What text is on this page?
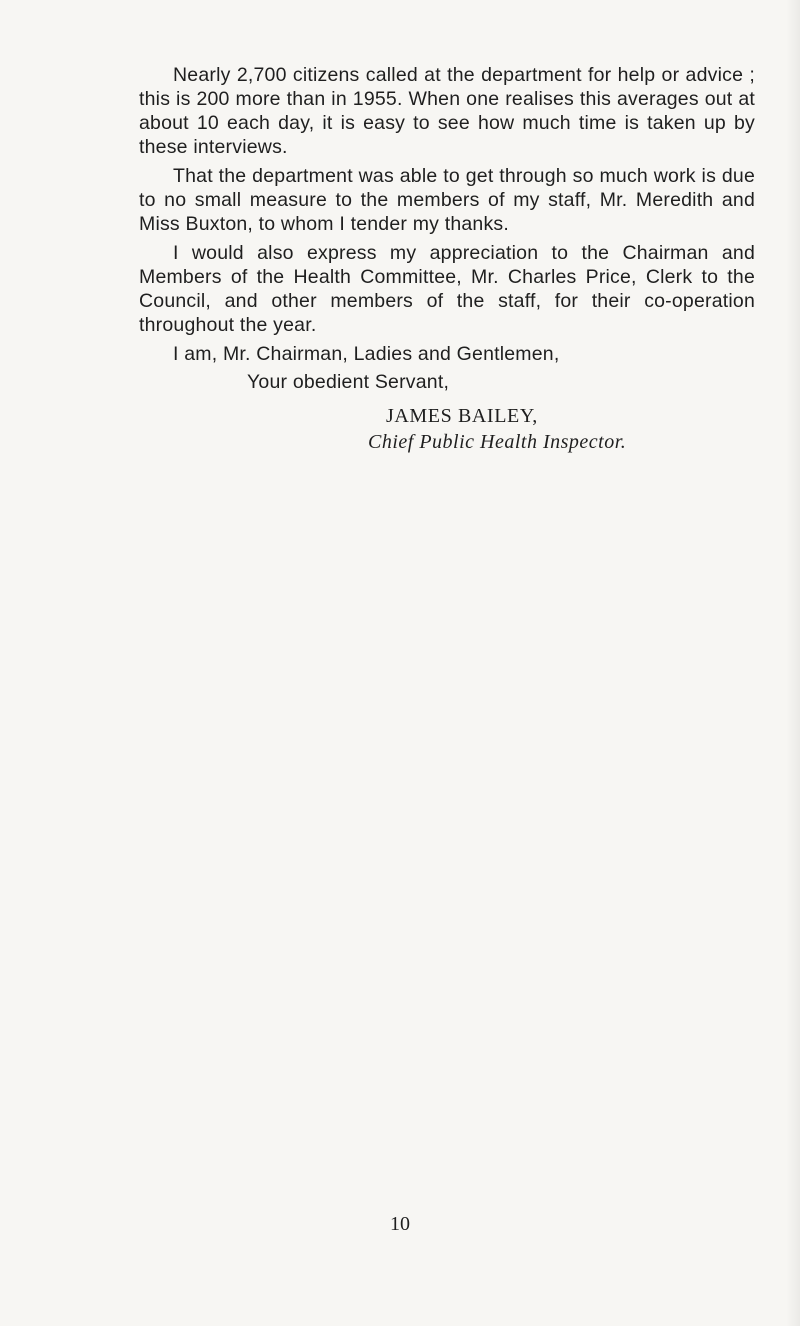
Nearly 2,700 citizens called at the department for help or advice ; this is 200 more than in 1955. When one realises this averages out at about 10 each day, it is easy to see how much time is taken up by these interviews.

That the department was able to get through so much work is due to no small measure to the members of my staff, Mr. Meredith and Miss Buxton, to whom I tender my thanks.

I would also express my appreciation to the Chairman and Members of the Health Committee, Mr. Charles Price, Clerk to the Council, and other members of the staff, for their co-operation throughout the year.

I am, Mr. Chairman, Ladies and Gentlemen,

Your obedient Servant,

JAMES BAILEY,

Chief Public Health Inspector.

10
